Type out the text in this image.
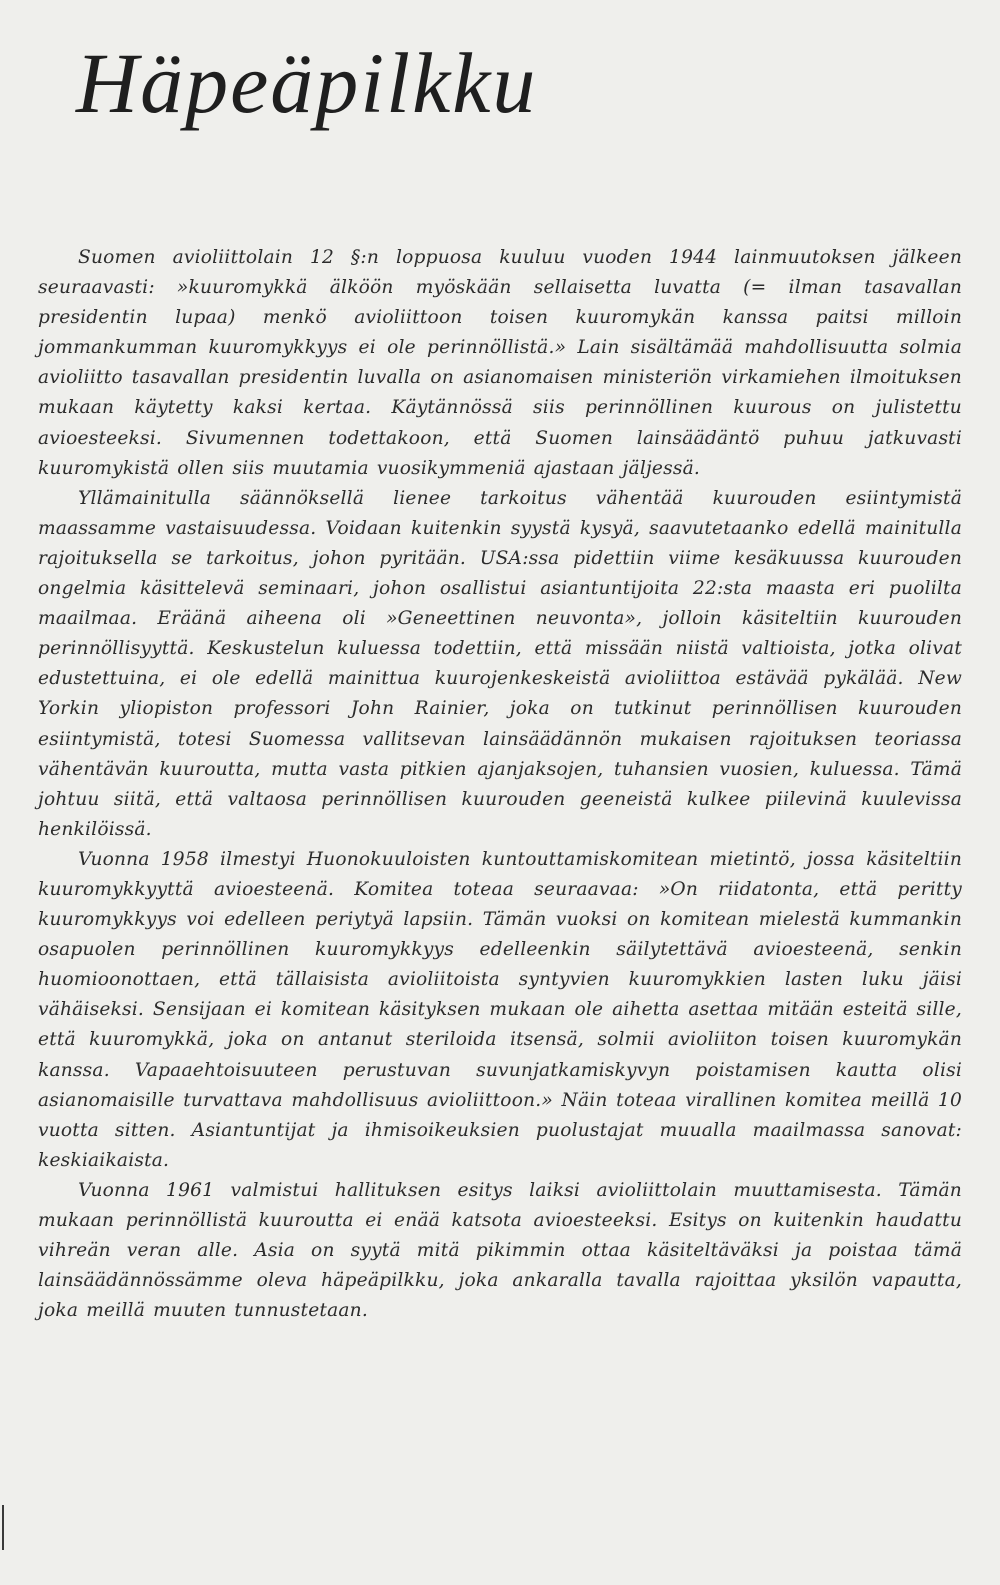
Häpeäpilkku

Suomen avioliittolain 12 §:n loppuosa kuuluu vuoden 1944 lainmuutoksen jälkeen seuraavasti: »kuuromykkä älköön myöskään sellaisetta luvatta (= ilman tasavallan presidentin lupaa) menkö avioliittoon toisen kuuromykän kanssa paitsi milloin jommankumman kuuromykkyys ei ole perinnöllistä.» Lain sisältämää mahdollisuutta solmia avioliitto tasavallan presidentin luvalla on asianomaisen ministeriön virkamiehen ilmoituksen mukaan käytetty kaksi kertaa. Käytännössä siis perinnöllinen kuurous on julistettu avioesteeksi. Sivumennen todettakoon, että Suomen lainsäädäntö puhuu jatkuvasti kuuromykistä ollen siis muutamia vuosikymmeniä ajastaan jäljessä.

Yllämainitulla säännöksellä lienee tarkoitus vähentää kuurouden esiintymistä maassamme vastaisuudessa. Voidaan kuitenkin syystä kysyä, saavutetaanko edellä mainitulla rajoituksella se tarkoitus, johon pyritään. USA:ssa pidettiin viime kesäkuussa kuurouden ongelmia käsittelevä seminaari, johon osallistui asiantuntijoita 22:sta maasta eri puolilta maailmaa. Eräänä aiheena oli »Geneettinen neuvonta», jolloin käsiteltiin kuurouden perinnöllisyyttä. Keskustelun kuluessa todettiin, että missään niistä valtioista, jotka olivat edustettuina, ei ole edellä mainittua kuurojenkeskeistä avioliittoa estävää pykälää. New Yorkin yliopiston professori John Rainier, joka on tutkinut perinnöllisen kuurouden esiintymistä, totesi Suomessa vallitsevan lainsäädännön mukaisen rajoituksen teoriassa vähentävän kuuroutta, mutta vasta pitkien ajanjaksojen, tuhansien vuosien, kuluessa. Tämä johtuu siitä, että valtaosa perinnöllisen kuurouden geeneistä kulkee piilevinä kuulevissa henkilöissä.

Vuonna 1958 ilmestyi Huonokuuloisten kuntouttamiskomitean mietintö, jossa käsiteltiin kuuromykkyyttä avioesteenä. Komitea toteaa seuraavaa: »On riidatonta, että peritty kuuromykkyys voi edelleen periytyä lapsiin. Tämän vuoksi on komitean mielestä kummankin osapuolen perinnöllinen kuuromykkyys edelleenkin säilytettävä avioesteenä, senkin huomioonottaen, että tällaisista avioliitoista syntyvien kuuromykkien lasten luku jäisi vähäiseksi. Sensijaan ei komitean käsityksen mukaan ole aihetta asettaa mitään esteitä sille, että kuuromykkä, joka on antanut steriloida itsensä, solmii avioliiton toisen kuuromykän kanssa. Vapaaehtoisuuteen perustuvan suvunjatkamiskyvyn poistamisen kautta olisi asianomaisille turvattava mahdollisuus avioliittoon.» Näin toteaa virallinen komitea meillä 10 vuotta sitten. Asiantuntijat ja ihmisoikeuksien puolustajat muualla maailmassa sanovat: keskiaikaista.

Vuonna 1961 valmistui hallituksen esitys laiksi avioliittolain muuttamisesta. Tämän mukaan perinnöllistä kuuroutta ei enää katsota avioesteeksi. Esitys on kuitenkin haudattu vihreän veran alle. Asia on syytä mitä pikimmin ottaa käsiteltäväksi ja poistaa tämä lainsäädännössämme oleva häpeäpilkku, joka ankaralla tavalla rajoittaa yksilön vapautta, joka meillä muuten tunnustetaan.
